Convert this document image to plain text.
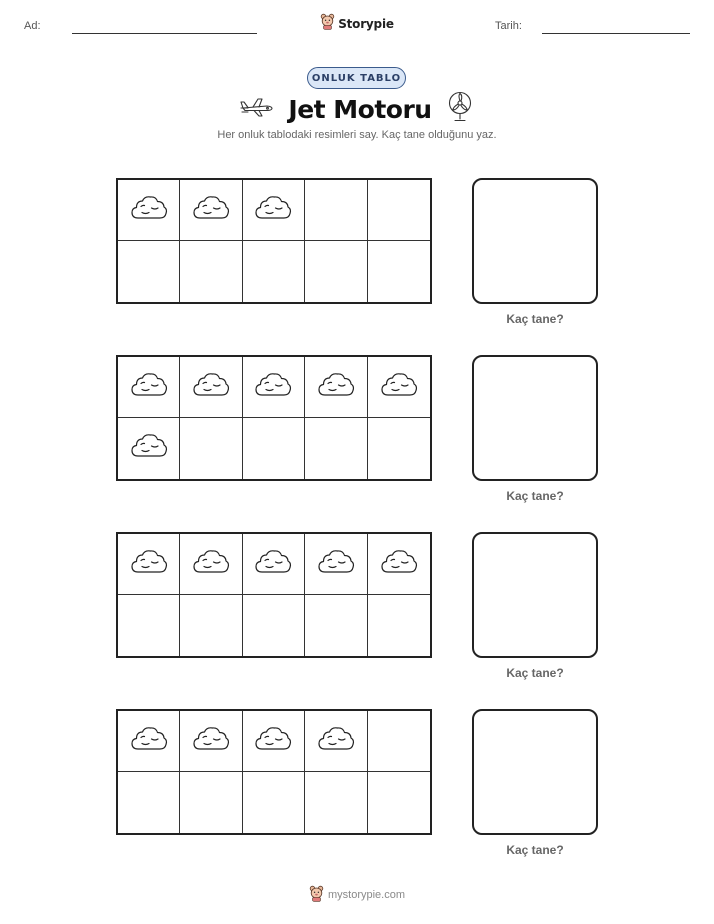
Ad:	Storypie	Tarih:
ONLUK TABLO
Jet Motoru
Her onluk tablodaki resimleri say. Kaç tane olduğunu yaz.
Kaç tane?
Kaç tane?
Kaç tane?
Kaç tane?
mystorypie.com
